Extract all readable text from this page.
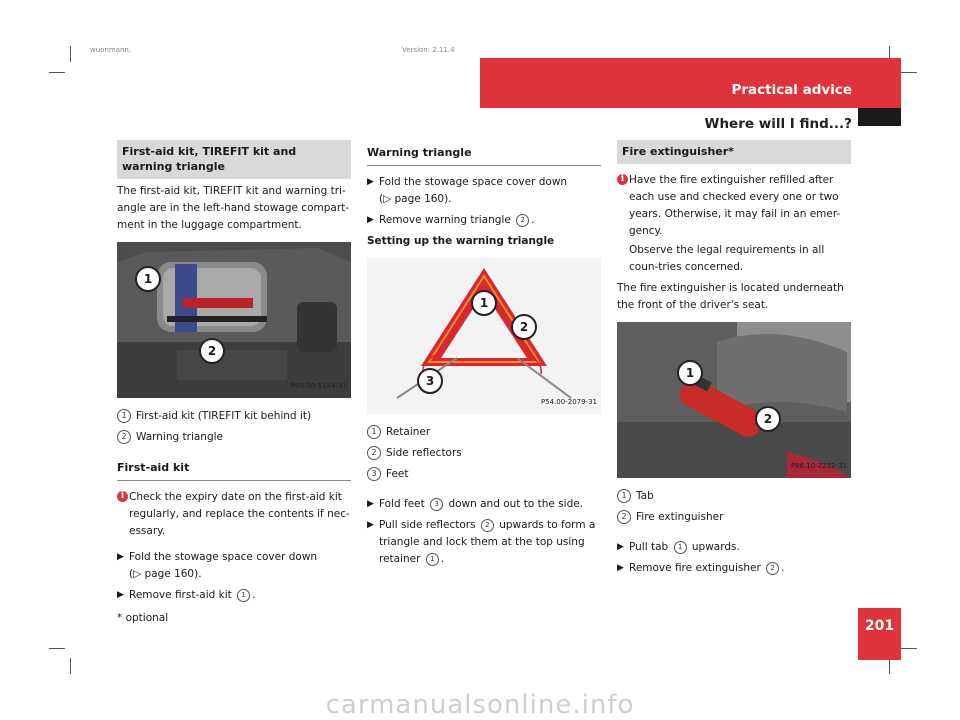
wuonmann,	Version: 2.11.4
Practical advice
Where will I find...?
First-aid kit, TIREFIT kit and warning triangle

The first-aid kit, TIREFIT kit and warning tri-angle are in the left-hand stowage compart-ment in the luggage compartment.

1
2
P68.00-5144-31
1 First-aid kit (TIREFIT kit behind it)
2 Warning triangle
First-aid kit
i Check the expiry date on the first-aid kit regularly, and replace the contents if nec-essary.
▶ Fold the stowage space cover down
(▷ page 160).
▶ Remove first-aid kit 1 .
Warning triangle
▶ Fold the stowage space cover down
(▷ page 160).
▶ Remove warning triangle 2 .

Setting up the warning triangle

1
2
3
P54.00-2079-31
1 Retainer
2 Side reflectors
3 Feet
▶ Fold feet 3 down and out to the side.
▶ Pull side reflectors 2 upwards to form a triangle and lock them at the top using retainer 1 .
Fire extinguisher*
i Have the fire extinguisher refilled after each use and checked every one or two years. Otherwise, it may fail in an emer-gency.
Observe the legal requirements in all coun-tries concerned.

The fire extinguisher is located underneath the front of the driver's seat.

1
2
P86.10-2232-31
1 Tab
2 Fire extinguisher
▶ Pull tab 1 upwards.
▶ Remove fire extinguisher 2 .
* optional	201
carmanualsonline.info
